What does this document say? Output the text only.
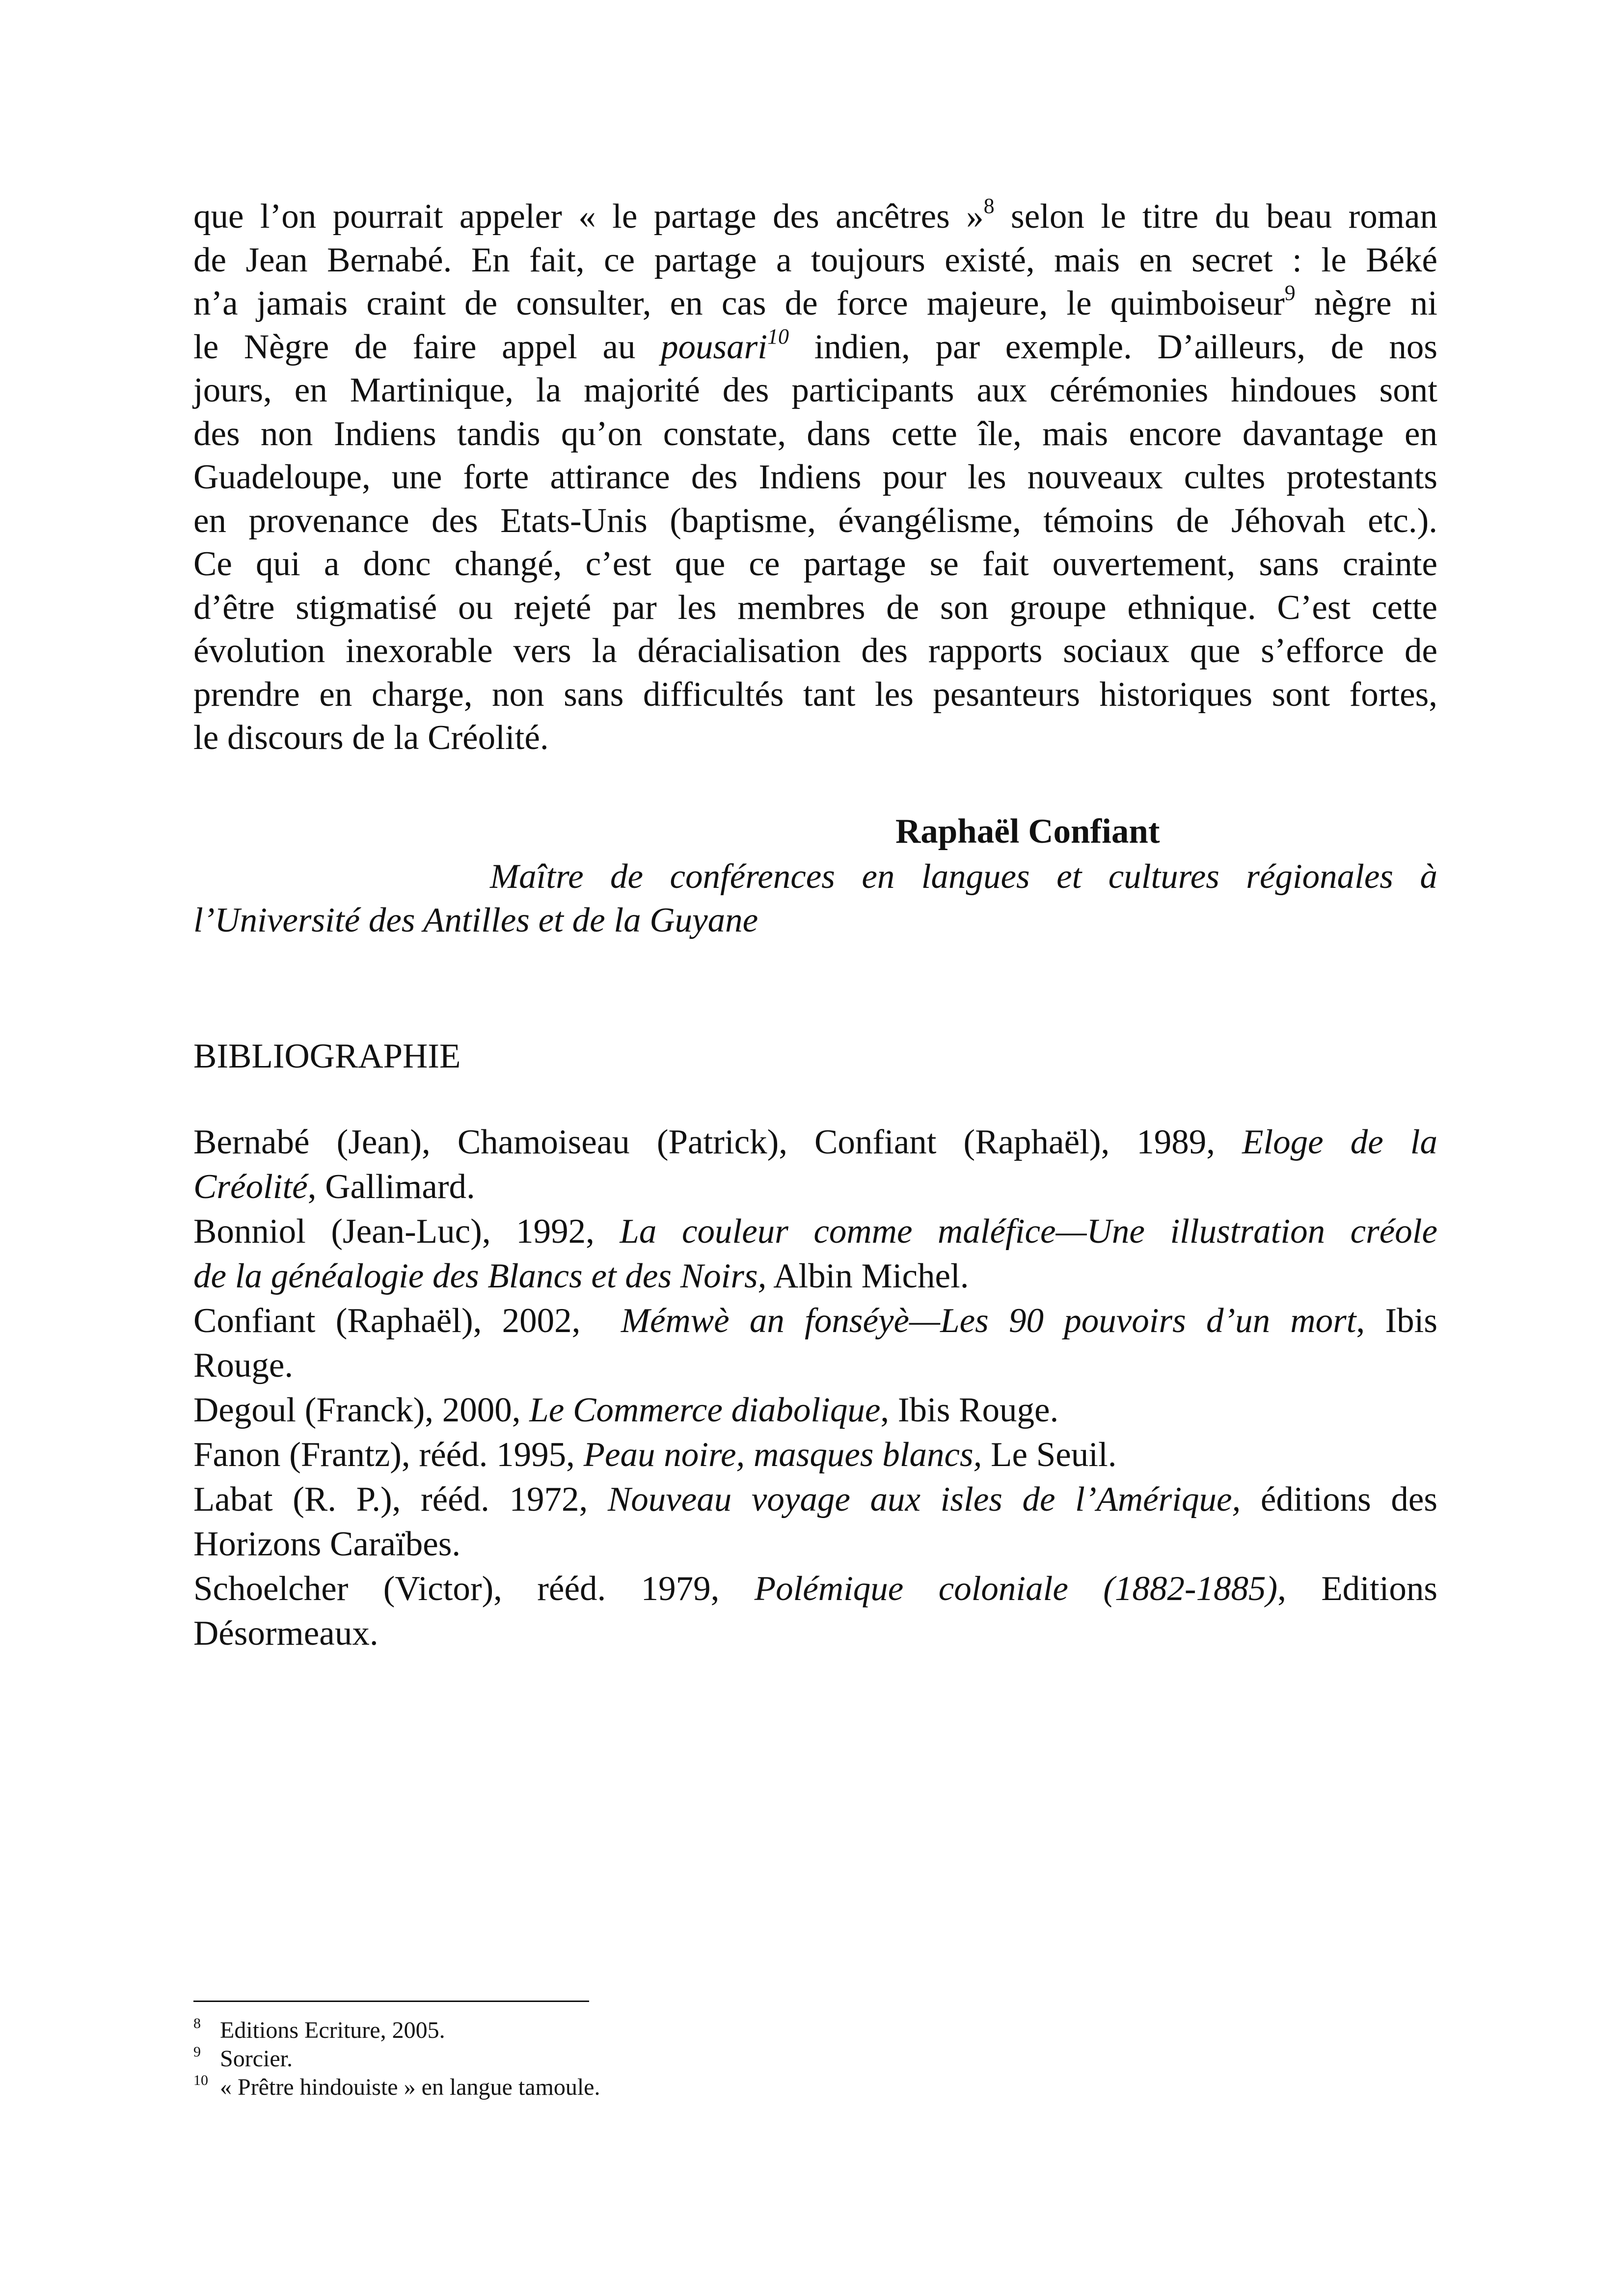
que l’on pourrait appeler « le partage des ancêtres »$^8$ selon le titre du beau roman
de Jean Bernabé. En fait, ce partage a toujours existé, mais en secret : le Béké
n’a jamais craint de consulter, en cas de force majeure, le quimboiseur$^9$ nègre ni
le Nègre de faire appel au pousari$^{10}$ indien, par exemple. D’ailleurs, de nos
jours, en Martinique, la majorité des participants aux cérémonies hindoues sont
des non Indiens tandis qu’on constate, dans cette île, mais encore davantage en
Guadeloupe, une forte attirance des Indiens pour les nouveaux cultes protestants
en provenance des Etats-Unis (baptisme, évangélisme, témoins de Jéhovah etc.).
Ce qui a donc changé, c’est que ce partage se fait ouvertement, sans crainte
d’être stigmatisé ou rejeté par les membres de son groupe ethnique. C’est cette
évolution inexorable vers la déracialisation des rapports sociaux que s’efforce de
prendre en charge, non sans difficultés tant les pesanteurs historiques sont fortes,
le discours de la Créolité.
Raphaël Confiant
Maître de conférences en langues et cultures régionales à
l’Université des Antilles et de la Guyane
BIBLIOGRAPHIE
Bernabé (Jean), Chamoiseau (Patrick), Confiant (Raphaël), 1989, Eloge de la
Créolité, Gallimard.
Bonniol (Jean-Luc), 1992, La couleur comme maléfice—Une illustration créole
de la généalogie des Blancs et des Noirs, Albin Michel.
Confiant (Raphaël), 2002,  Mémwè an fonséyè—Les 90 pouvoirs d’un mort, Ibis
Rouge.
Degoul (Franck), 2000, Le Commerce diabolique, Ibis Rouge.
Fanon (Frantz), rééd. 1995, Peau noire, masques blancs, Le Seuil.
Labat (R. P.), rééd. 1972, Nouveau voyage aux isles de l’Amérique, éditions des
Horizons Caraïbes.
Schoelcher (Victor), rééd. 1979, Polémique coloniale (1882-1885), Editions
Désormeaux.
$^8$ Editions Ecriture, 2005.
$^9$ Sorcier.
$^{10}$ « Prêtre hindouiste » en langue tamoule.
